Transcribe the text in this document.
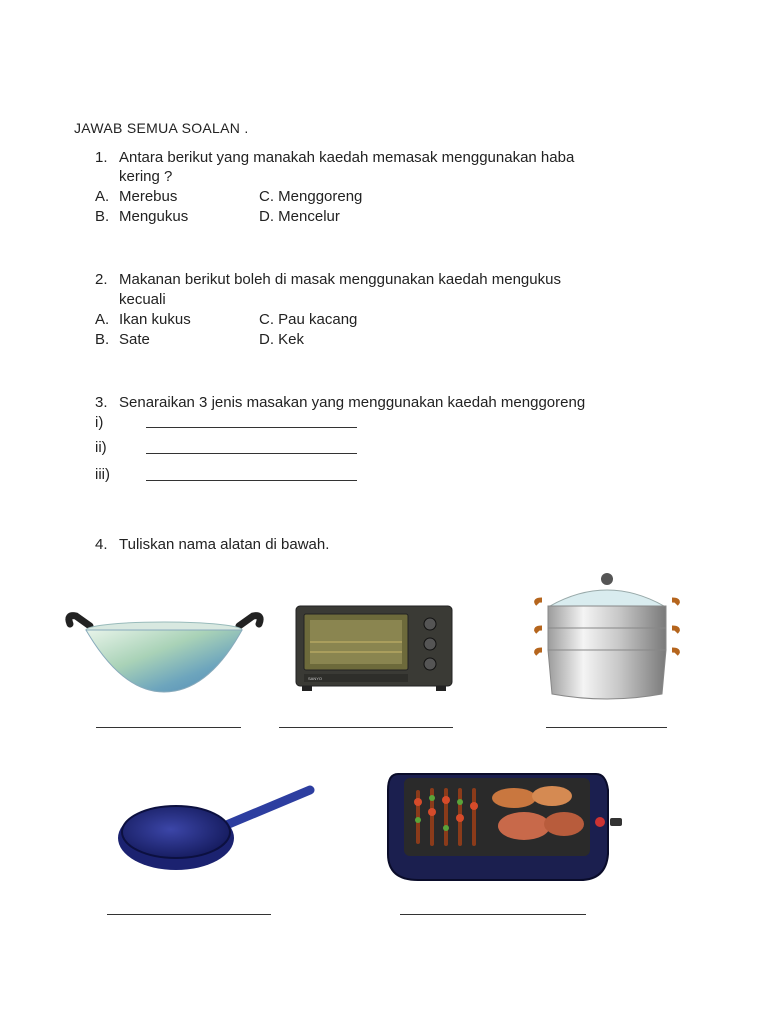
JAWAB SEMUA SOALAN .
1. Antara berikut yang manakah kaedah memasak menggunakan haba
kering ?
A. Merebus	C. Menggoreng
B. Mengukus	D. Mencelur
2. Makanan berikut boleh di masak menggunakan kaedah mengukus
kecuali
A. Ikan kukus	C. Pau kacang
B. Sate	D. Kek
3. Senaraikan 3 jenis masakan yang menggunakan kaedah menggoreng
i)
ii)
iii)
4. Tuliskan nama alatan di bawah.
SANYO
